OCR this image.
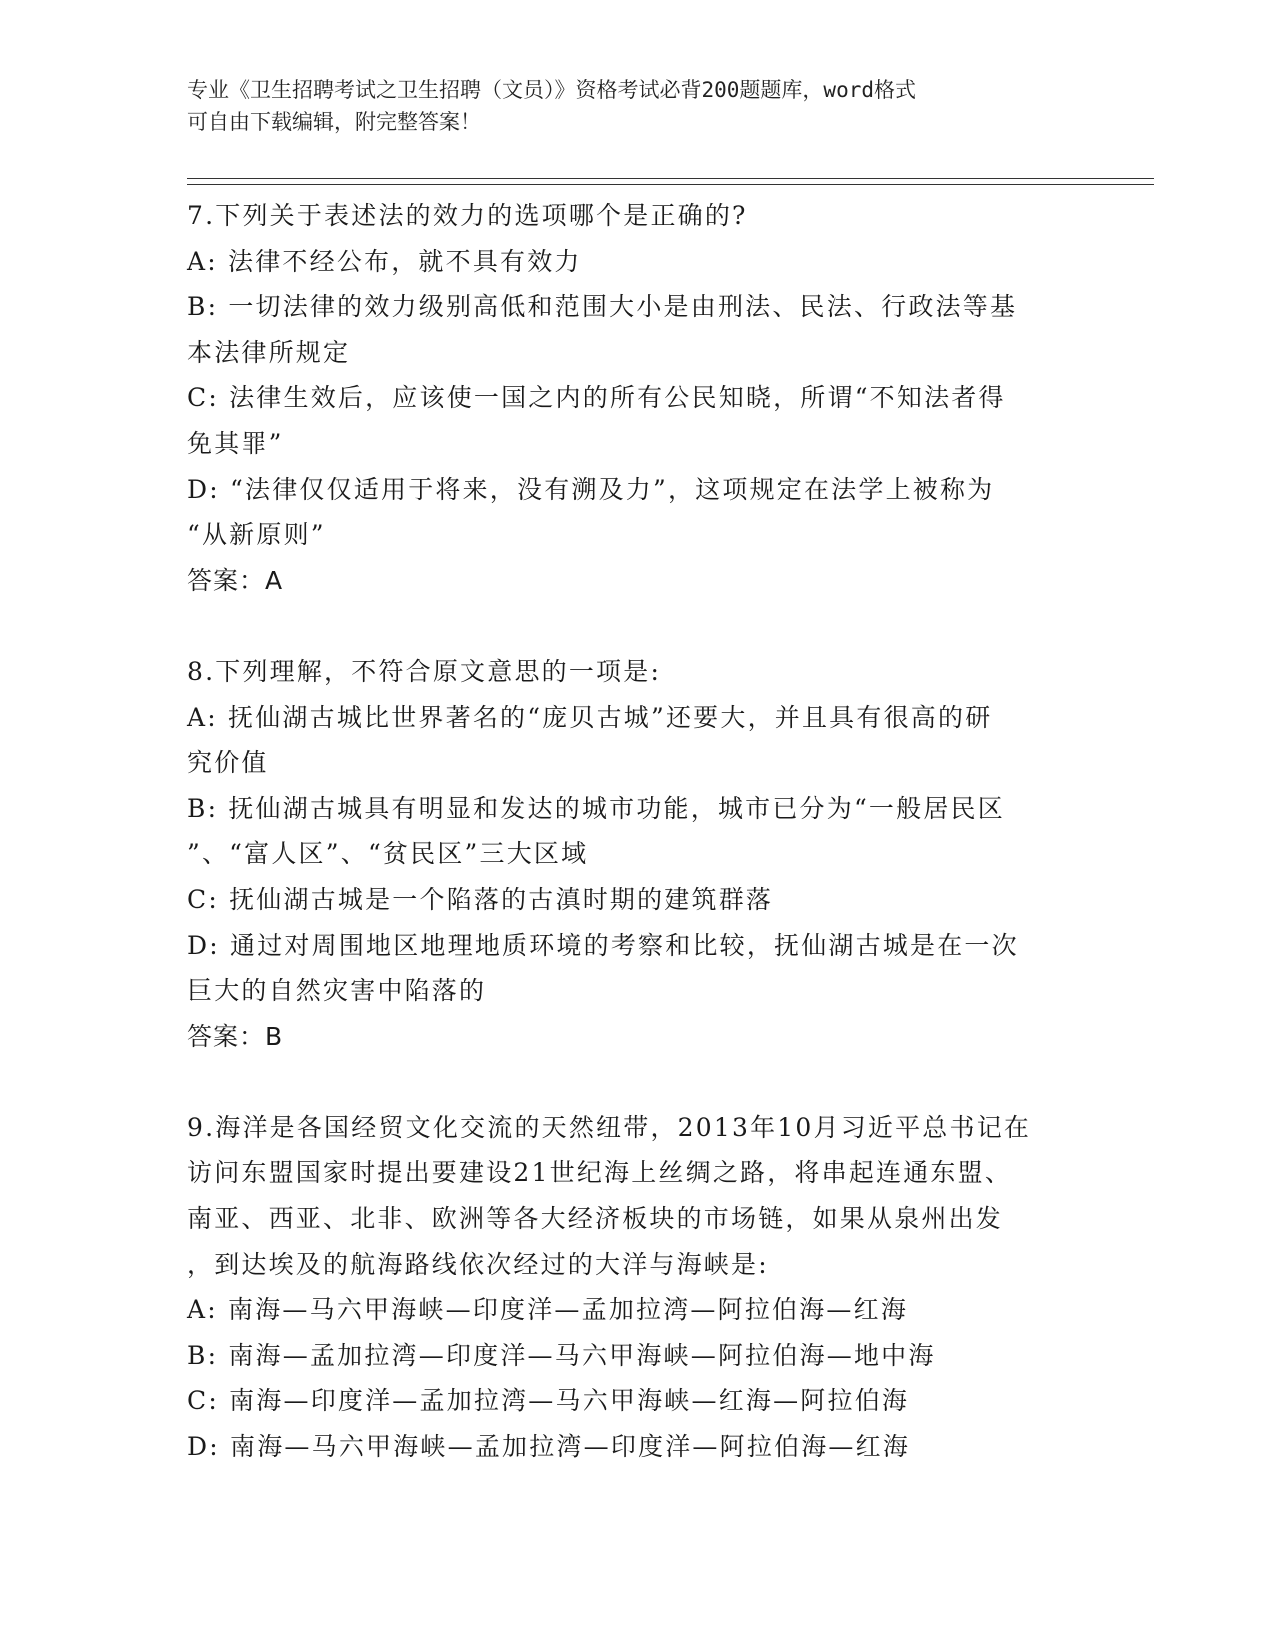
专业《卫生招聘考试之卫生招聘（文员）》资格考试必背200题题库，word格式
可自由下载编辑，附完整答案！
7.下列关于表述法的效力的选项哪个是正确的?
A: 法律不经公布，就不具有效力
B: 一切法律的效力级别高低和范围大小是由刑法、民法、行政法等基
本法律所规定
C: 法律生效后，应该使一国之内的所有公民知晓，所谓“不知法者得
免其罪”
D: “法律仅仅适用于将来，没有溯及力”，这项规定在法学上被称为
“从新原则”
答案：A
8.下列理解，不符合原文意思的一项是:
A: 抚仙湖古城比世界著名的“庞贝古城”还要大，并且具有很高的研
究价值
B: 抚仙湖古城具有明显和发达的城市功能，城市已分为“一般居民区
”、“富人区”、“贫民区”三大区域
C: 抚仙湖古城是一个陷落的古滇时期的建筑群落
D: 通过对周围地区地理地质环境的考察和比较，抚仙湖古城是在一次
巨大的自然灾害中陷落的
答案：B
9.海洋是各国经贸文化交流的天然纽带，2013年10月习近平总书记在
访问东盟国家时提出要建设21世纪海上丝绸之路，将串起连通东盟、
南亚、西亚、北非、欧洲等各大经济板块的市场链，如果从泉州出发
，到达埃及的航海路线依次经过的大洋与海峡是:
A: 南海—马六甲海峡—印度洋—孟加拉湾—阿拉伯海—红海
B: 南海—孟加拉湾—印度洋—马六甲海峡—阿拉伯海—地中海
C: 南海—印度洋—孟加拉湾—马六甲海峡—红海—阿拉伯海
D: 南海—马六甲海峡—孟加拉湾—印度洋—阿拉伯海—红海
